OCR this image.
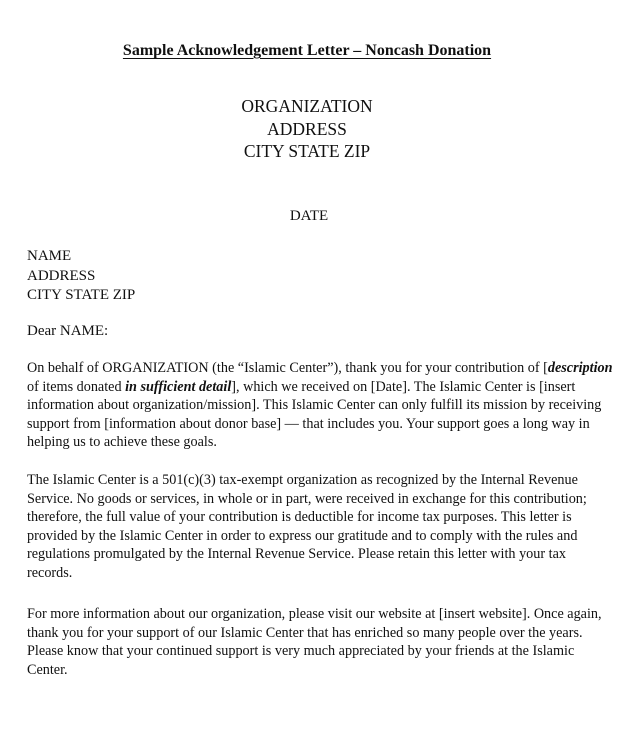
Sample Acknowledgement Letter – Noncash Donation
ORGANIZATION
ADDRESS
CITY STATE ZIP
DATE
NAME
ADDRESS
CITY STATE ZIP
Dear NAME:
On behalf of ORGANIZATION (the “Islamic Center”), thank you for your contribution of [description
of items donated in sufficient detail], which we received on [Date]. The Islamic Center is [insert
information about organization/mission]. This Islamic Center can only fulfill its mission by receiving
support from [information about donor base] — that includes you. Your support goes a long way in
helping us to achieve these goals.
The Islamic Center is a 501(c)(3) tax-exempt organization as recognized by the Internal Revenue
Service. No goods or services, in whole or in part, were received in exchange for this contribution;
therefore, the full value of your contribution is deductible for income tax purposes. This letter is
provided by the Islamic Center in order to express our gratitude and to comply with the rules and
regulations promulgated by the Internal Revenue Service. Please retain this letter with your tax
records.
For more information about our organization, please visit our website at [insert website]. Once again,
thank you for your support of our Islamic Center that has enriched so many people over the years.
Please know that your continued support is very much appreciated by your friends at the Islamic
Center.
